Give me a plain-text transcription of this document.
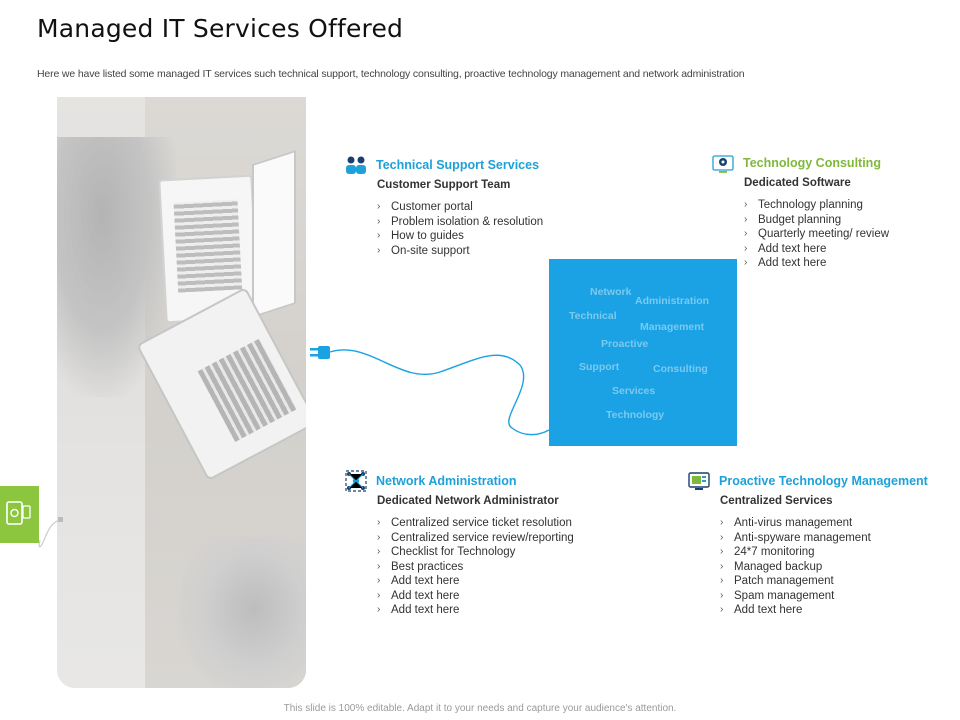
Managed IT Services Offered
Here we have listed some managed IT services such technical support, technology consulting, proactive technology management and network administration
Network
Administration
Technical
Management
Proactive
Support	Consulting
Services
Technology
Technical Support Services
Customer Support Team
› Customer portal
› Problem isolation & resolution
› How to guides
› On-site support
Technology Consulting
Dedicated Software
› Technology planning
› Budget planning
› Quarterly meeting/ review
› Add text here
› Add text here
Network Administration
Dedicated Network Administrator
› Centralized service ticket resolution
› Centralized service review/reporting
› Checklist for Technology
› Best practices
› Add text here
› Add text here
› Add text here
Proactive Technology Management
Centralized Services
› Anti-virus management
› Anti-spyware management
› 24*7 monitoring
› Managed backup
› Patch management
› Spam management
› Add text here
This slide is 100% editable. Adapt it to your needs and capture your audience's attention.
